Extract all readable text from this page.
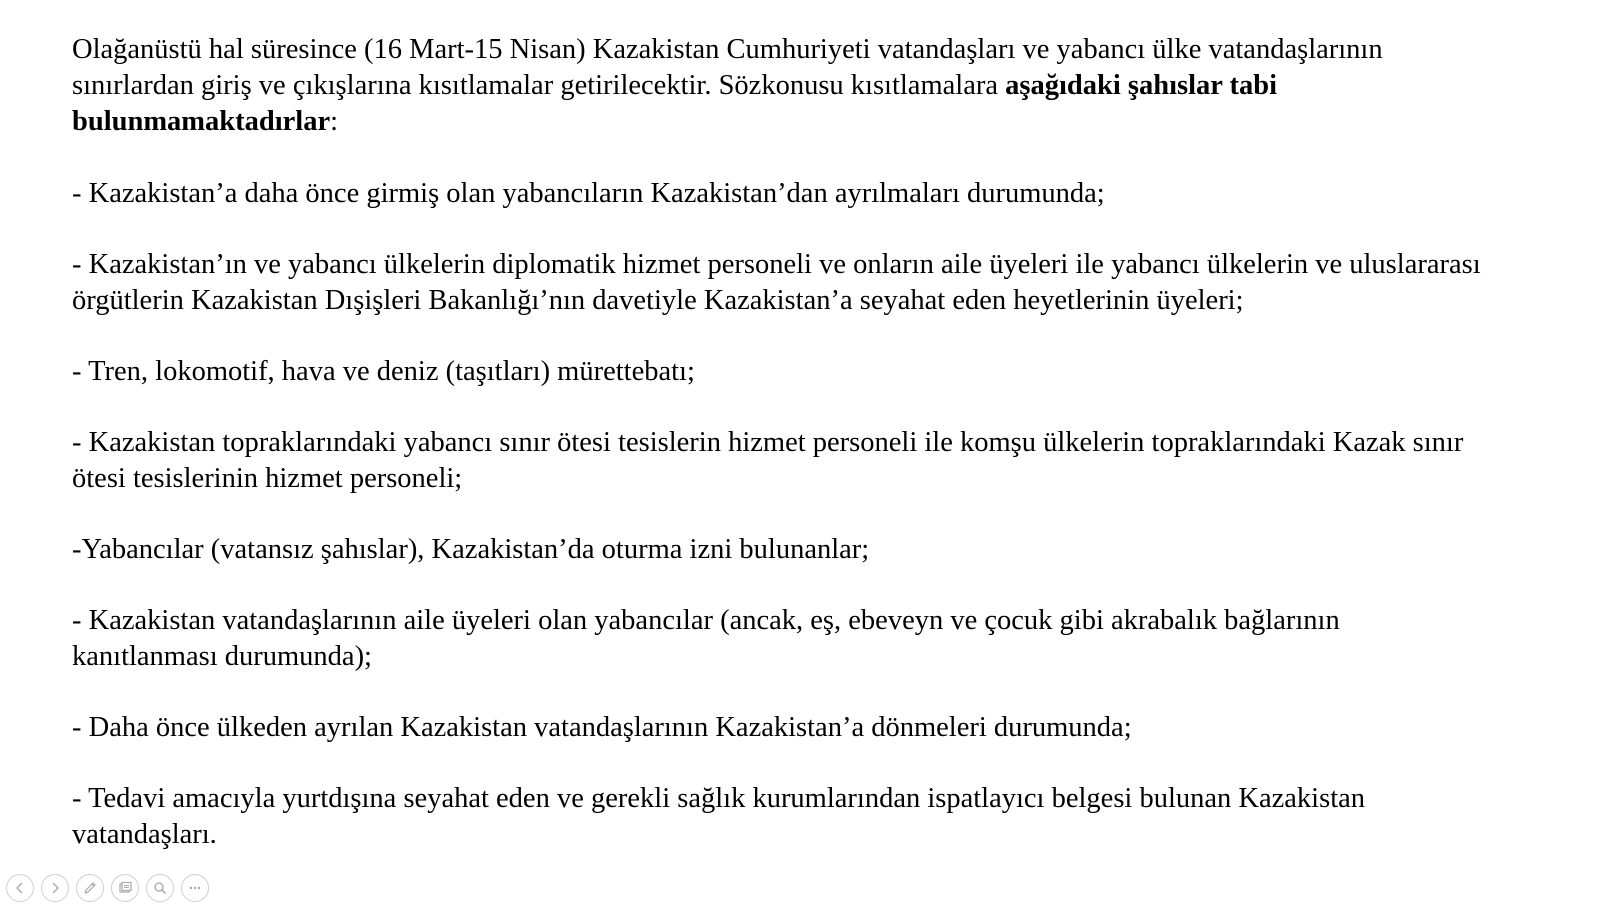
Olağanüstü hal süresince (16 Mart-15 Nisan) Kazakistan Cumhuriyeti vatandaşları ve yabancı ülke vatandaşlarının sınırlardan giriş ve çıkışlarına kısıtlamalar getirilecektir. Sözkonusu kısıtlamalara aşağıdaki şahıslar tabi bulunmamaktadırlar:

- Kazakistan’a daha önce girmiş olan yabancıların Kazakistan’dan ayrılmaları durumunda;

- Kazakistan’ın ve yabancı ülkelerin diplomatik hizmet personeli ve onların aile üyeleri ile yabancı ülkelerin ve uluslararası örgütlerin Kazakistan Dışişleri Bakanlığı’nın davetiyle Kazakistan’a seyahat eden heyetlerinin üyeleri;

- Tren, lokomotif, hava ve deniz (taşıtları) mürettebatı;

- Kazakistan topraklarındaki yabancı sınır ötesi tesislerin hizmet personeli ile komşu ülkelerin topraklarındaki Kazak sınır ötesi tesislerinin hizmet personeli;

-Yabancılar (vatansız şahıslar), Kazakistan’da oturma izni bulunanlar;

- Kazakistan vatandaşlarının aile üyeleri olan yabancılar (ancak, eş, ebeveyn ve çocuk gibi akrabalık bağlarının kanıtlanması durumunda);

- Daha önce ülkeden ayrılan Kazakistan vatandaşlarının Kazakistan’a dönmeleri durumunda;

- Tedavi amacıyla yurtdışına seyahat eden ve gerekli sağlık kurumlarından ispatlayıcı belgesi bulunan Kazakistan vatandaşları.
